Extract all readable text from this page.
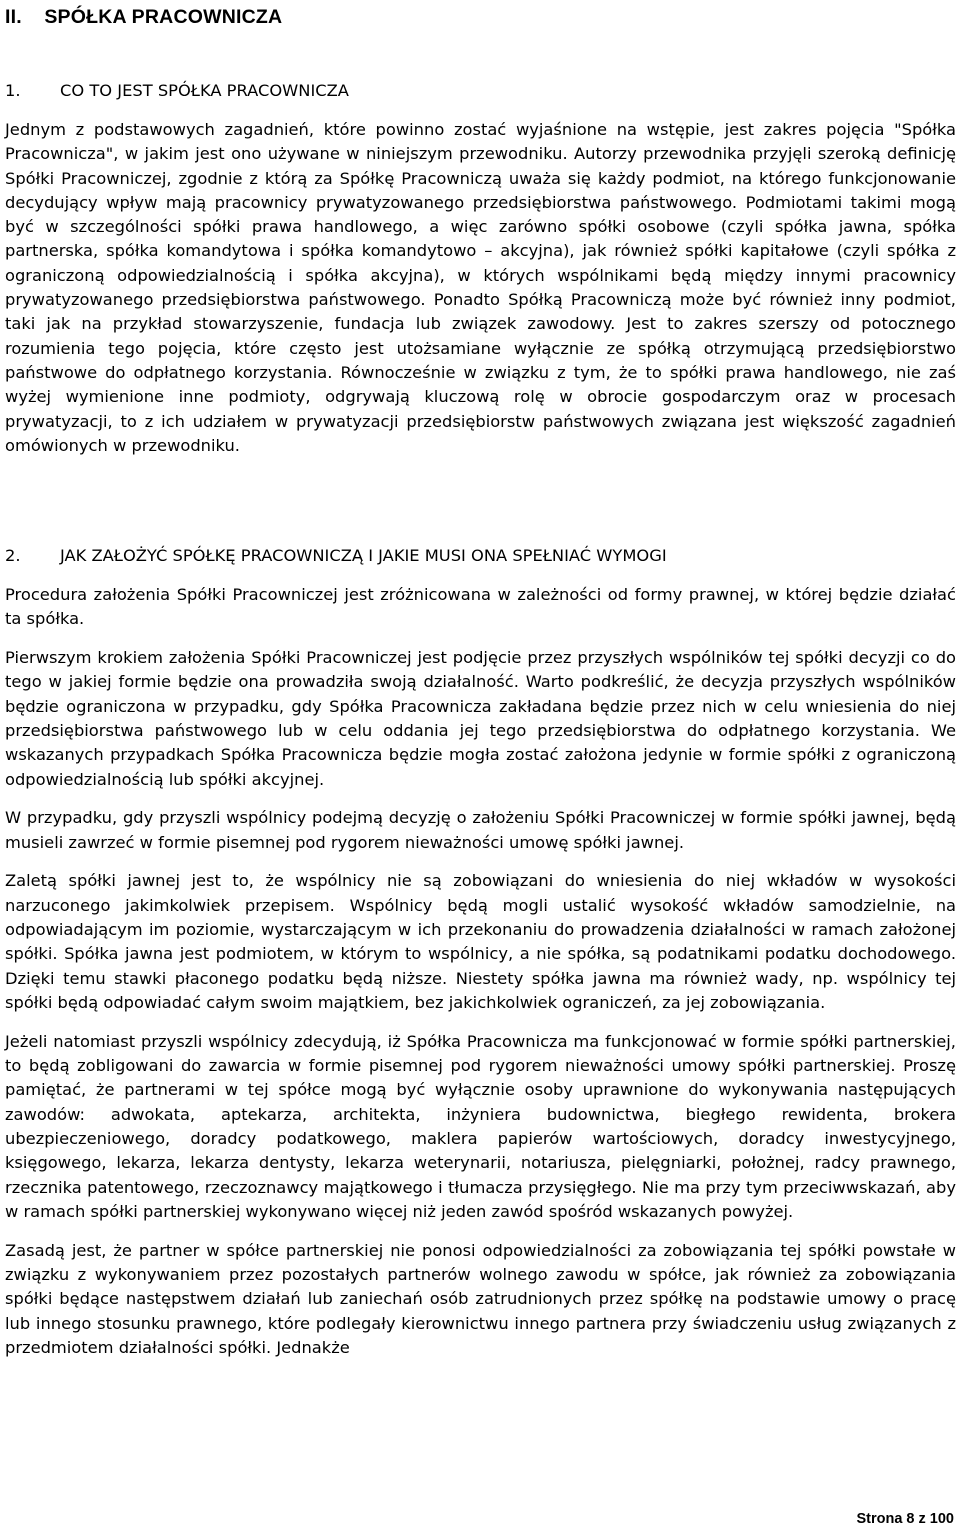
II.    SPÓŁKA PRACOWNICZA
1. CO TO JEST SPÓŁKA PRACOWNICZA

Jednym z podstawowych zagadnień, które powinno zostać wyjaśnione na wstępie, jest zakres pojęcia "Spółka Pracownicza", w jakim jest ono używane w niniejszym przewodniku. Autorzy przewodnika przyjęli szeroką definicję Spółki Pracowniczej, zgodnie z którą za Spółkę Pracowniczą uważa się każdy podmiot, na którego funkcjonowanie decydujący wpływ mają pracownicy prywatyzowanego przedsiębiorstwa państwowego. Podmiotami takimi mogą być w szczególności spółki prawa handlowego, a więc zarówno spółki osobowe (czyli spółka jawna, spółka partnerska, spółka komandytowa i spółka komandytowo – akcyjna), jak również spółki kapitałowe (czyli spółka z ograniczoną odpowiedzialnością i spółka akcyjna), w których wspólnikami będą między innymi pracownicy prywatyzowanego przedsiębiorstwa państwowego. Ponadto Spółką Pracowniczą może być również inny podmiot, taki jak na przykład stowarzyszenie, fundacja lub związek zawodowy. Jest to zakres szerszy od potocznego rozumienia tego pojęcia, które często jest utożsamiane wyłącznie ze spółką otrzymującą przedsiębiorstwo państwowe do odpłatnego korzystania. Równocześnie w związku z tym, że to spółki prawa handlowego, nie zaś wyżej wymienione inne podmioty, odgrywają kluczową rolę w obrocie gospodarczym oraz w procesach prywatyzacji, to z ich udziałem w prywatyzacji przedsiębiorstw państwowych związana jest większość zagadnień omówionych w przewodniku.

2. JAK ZAŁOŻYĆ SPÓŁKĘ PRACOWNICZĄ I JAKIE MUSI ONA SPEŁNIAĆ WYMOGI

Procedura założenia Spółki Pracowniczej jest zróżnicowana w zależności od formy prawnej, w której będzie działać ta spółka.

Pierwszym krokiem założenia Spółki Pracowniczej jest podjęcie przez przyszłych wspólników tej spółki decyzji co do tego w jakiej formie będzie ona prowadziła swoją działalność. Warto podkreślić, że decyzja przyszłych wspólników będzie ograniczona w przypadku, gdy Spółka Pracownicza zakładana będzie przez nich w celu wniesienia do niej przedsiębiorstwa państwowego lub w celu oddania jej tego przedsiębiorstwa do odpłatnego korzystania. We wskazanych przypadkach Spółka Pracownicza będzie mogła zostać założona jedynie w formie spółki z ograniczoną odpowiedzialnością lub spółki akcyjnej.

W przypadku, gdy przyszli wspólnicy podejmą decyzję o założeniu Spółki Pracowniczej w formie spółki jawnej, będą musieli zawrzeć w formie pisemnej pod rygorem nieważności umowę spółki jawnej.

Zaletą spółki jawnej jest to, że wspólnicy nie są zobowiązani do wniesienia do niej wkładów w wysokości narzuconego jakimkolwiek przepisem. Wspólnicy będą mogli ustalić wysokość wkładów samodzielnie, na odpowiadającym im poziomie, wystarczającym w ich przekonaniu do prowadzenia działalności w ramach założonej spółki. Spółka jawna jest podmiotem, w którym to wspólnicy, a nie spółka, są podatnikami podatku dochodowego. Dzięki temu stawki płaconego podatku będą niższe. Niestety spółka jawna ma również wady, np. wspólnicy tej spółki będą odpowiadać całym swoim majątkiem, bez jakichkolwiek ograniczeń, za jej zobowiązania.

Jeżeli natomiast przyszli wspólnicy zdecydują, iż Spółka Pracownicza ma funkcjonować w formie spółki partnerskiej, to będą zobligowani do zawarcia w formie pisemnej pod rygorem nieważności umowy spółki partnerskiej. Proszę pamiętać, że partnerami w tej spółce mogą być wyłącznie osoby uprawnione do wykonywania następujących zawodów: adwokata, aptekarza, architekta, inżyniera budownictwa, biegłego rewidenta, brokera ubezpieczeniowego, doradcy podatkowego, maklera papierów wartościowych, doradcy inwestycyjnego, księgowego, lekarza, lekarza dentysty, lekarza weterynarii, notariusza, pielęgniarki, położnej, radcy prawnego, rzecznika patentowego, rzeczoznawcy majątkowego i tłumacza przysięgłego. Nie ma przy tym przeciwwskazań, aby w ramach spółki partnerskiej wykonywano więcej niż jeden zawód spośród wskazanych powyżej.

Zasadą jest, że partner w spółce partnerskiej nie ponosi odpowiedzialności za zobowiązania tej spółki powstałe w związku z wykonywaniem przez pozostałych partnerów wolnego zawodu w spółce, jak również za zobowiązania spółki będące następstwem działań lub zaniechań osób zatrudnionych przez spółkę na podstawie umowy o pracę lub innego stosunku prawnego, które podlegały kierownictwu innego partnera przy świadczeniu usług związanych z przedmiotem działalności spółki. Jednakże

Strona 8 z 100
